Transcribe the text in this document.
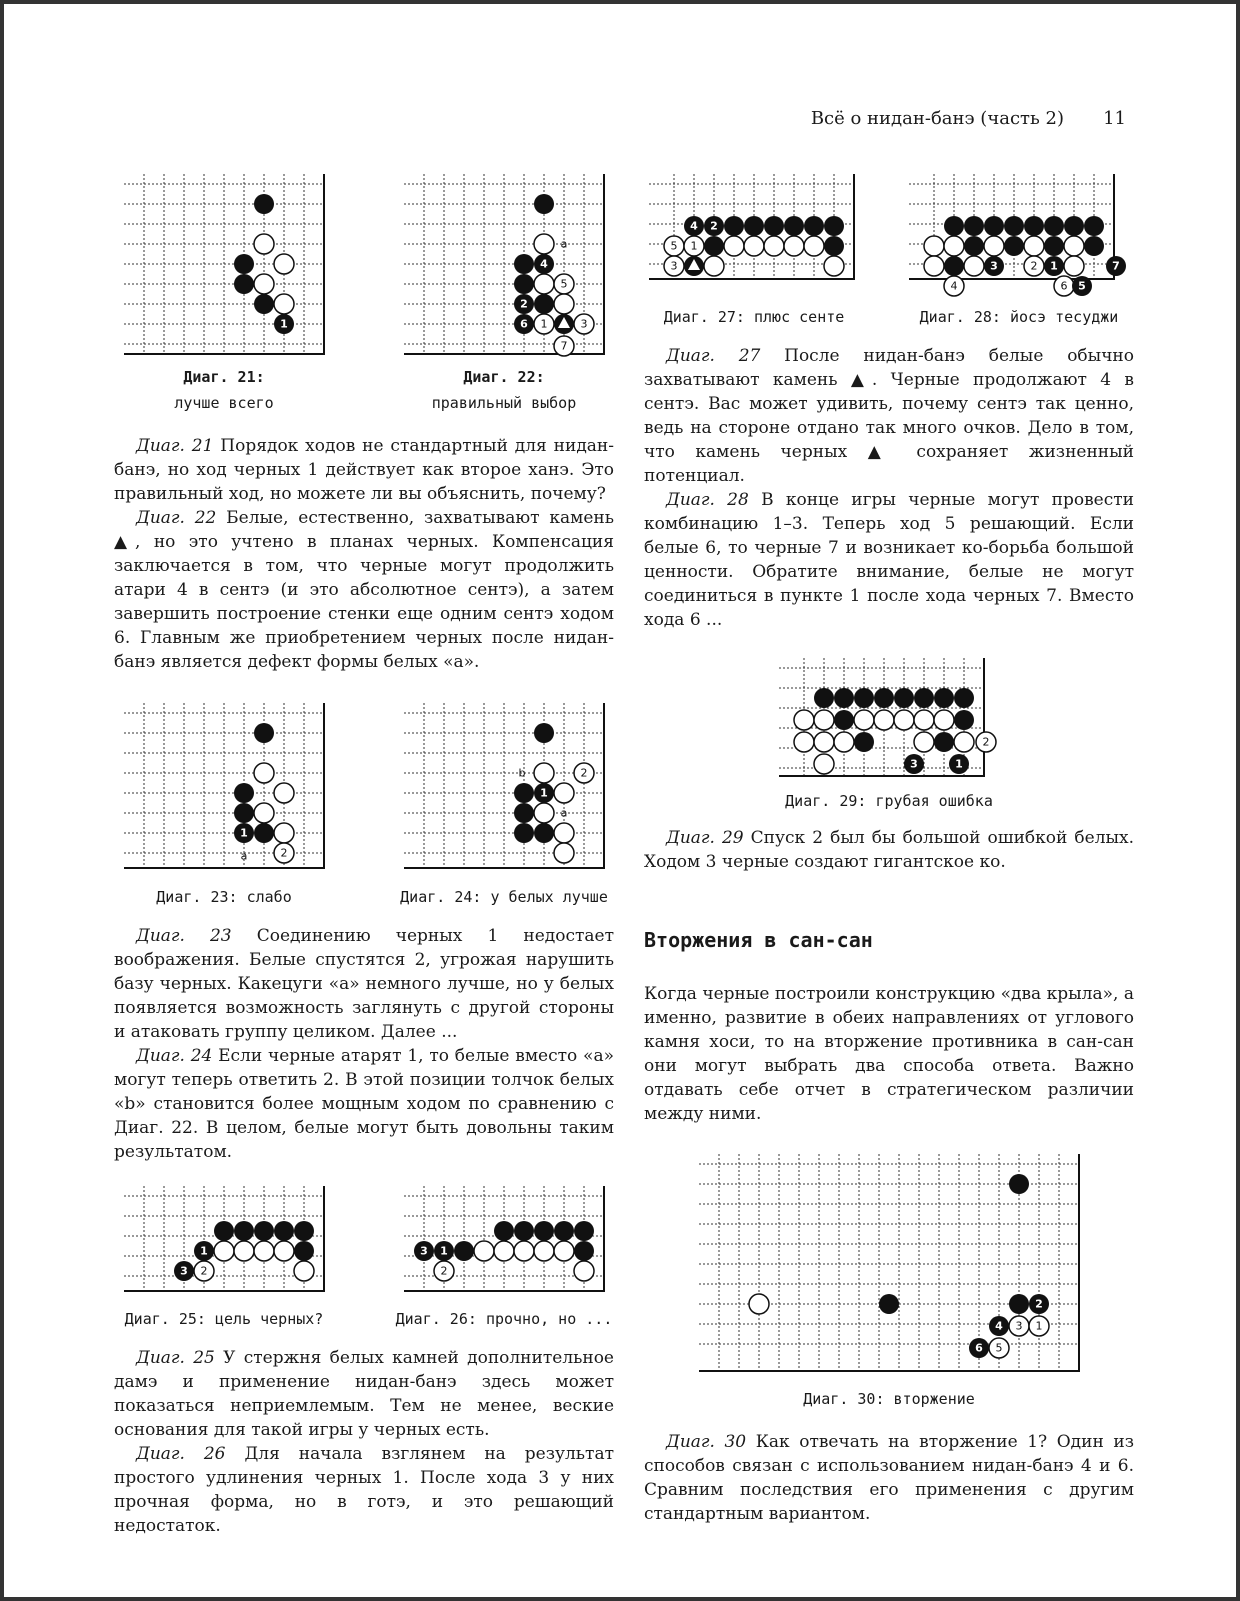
Всё о нидан-банэ (часть 2) 11
1
Диаг. 21:
лучше всего
a
4
5
2
6 1	3
7
Диаг. 22:
правильный выбор

Диаг. 21 Порядок ходов не стандартный для нидан-банэ, но ход черных 1 действует как второе ханэ. Это правильный ход, но можете ли вы объяснить, почему?

Диаг. 22 Белые, естественно, захватывают камень ▲, но это учтено в планах черных. Компенсация заключается в том, что черные могут продолжить атари 4 в сентэ (и это абсолютное сентэ), а затем завершить построение стенки еще одним сентэ ходом 6. Главным же приобретением черных после нидан-банэ является дефект формы белых «a».

1
2
a
Диаг. 23: слабо
b	2
1
a
Диаг. 24: у белых лучше

Диаг. 23 Соединению черных 1 недостает воображения. Белые спустятся 2, угрожая нарушить базу черных. Какецуги «a» немного лучше, но у белых появляется возможность заглянуть с другой стороны и атаковать группу целиком. Далее ...

Диаг. 24 Если черные атарят 1, то белые вместо «a» могут теперь ответить 2. В этой позиции толчок белых «b» становится более мощным ходом по сравнению с Диаг. 22. В целом, белые могут быть довольны таким результатом.

1
3 2
Диаг. 25: цель черных?
3 1
2
Диаг. 26: прочно, но ...

Диаг. 25 У стержня белых камней дополнительное дамэ и применение нидан-банэ здесь может показаться неприемлемым. Тем не менее, веские основания для такой игры у черных есть.

Диаг. 26 Для начала взглянем на результат простого удлинения черных 1. После хода 3 у них прочная форма, но в готэ, и это решающий недостаток.

4 2
5 1
3
Диаг. 27: плюс сенте
3	2 1	7
4	6 5
Диаг. 28: йосэ тесуджи

Диаг. 27 После нидан-банэ белые обычно захватывают камень ▲. Черные продолжают 4 в сентэ. Вас может удивить, почему сентэ так ценно, ведь на стороне отдано так много очков. Дело в том, что камень черных ▲ сохраняет жизненный потенциал.

Диаг. 28 В конце игры черные могут провести комбинацию 1–3. Теперь ход 5 решающий. Если белые 6, то черные 7 и возникает ко-борьба большой ценности. Обратите внимание, белые не могут соединиться в пункте 1 после хода черных 7. Вместо хода 6 ...

2
3	1
Диаг. 29: грубая ошибка

Диаг. 29 Спуск 2 был бы большой ошибкой белых. Ходом 3 черные создают гигантское ко.

Вторжения в сан-сан

Когда черные построили конструкцию «два крыла», а именно, развитие в обеих направлениях от углового камня хоси, то на вторжение противника в сан-сан они могут выбрать два способа ответа. Важно отдавать себе отчет в стратегическом различии между ними.

2
4 3 1
6 5
Диаг. 30: вторжение

Диаг. 30 Как отвечать на вторжение 1? Один из способов связан с использованием нидан-банэ 4 и 6. Сравним последствия его применения с другим стандартным вариантом.
